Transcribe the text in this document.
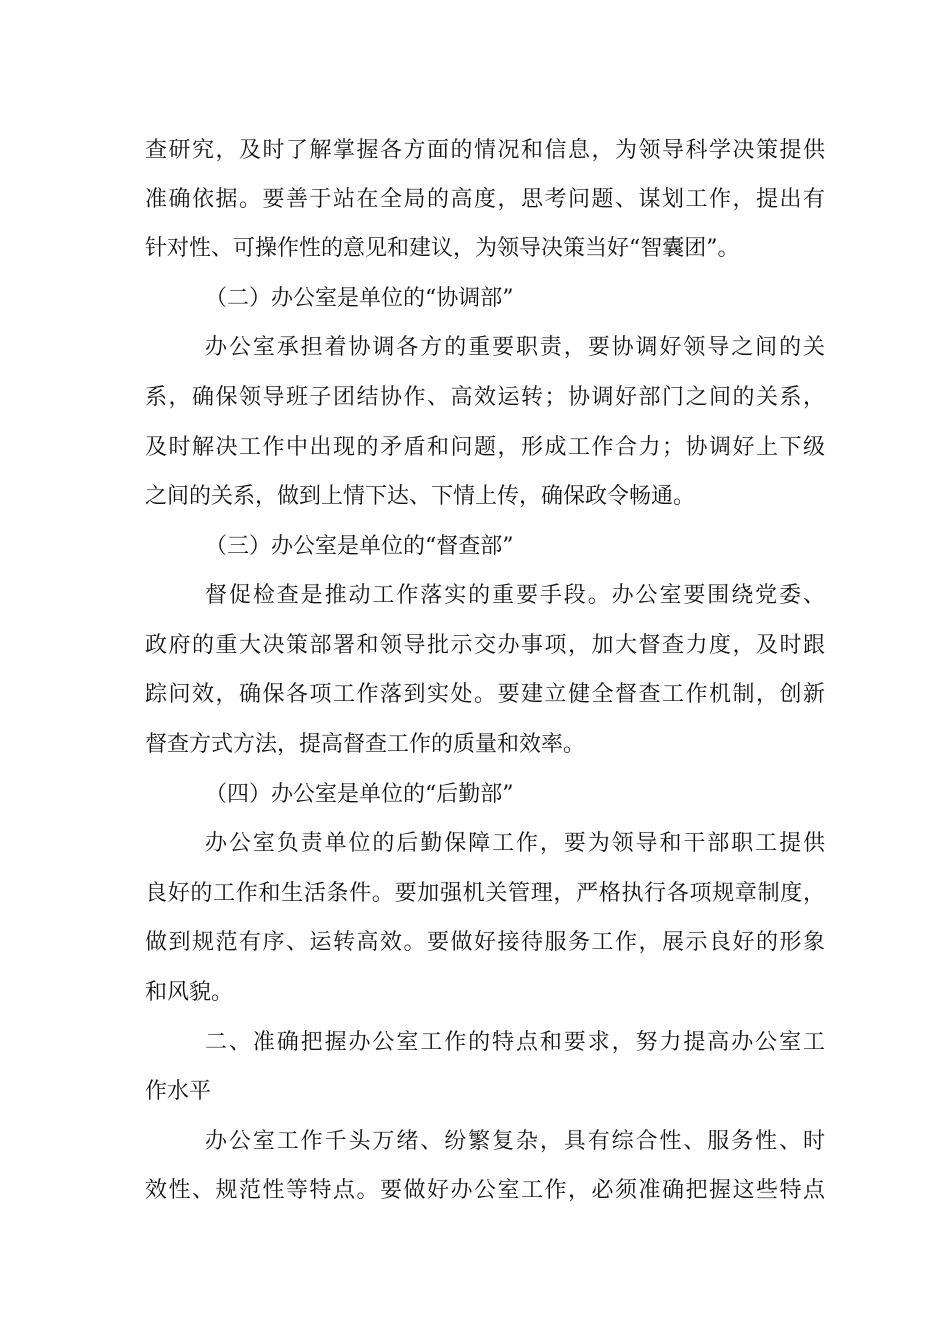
查研究，及时了解掌握各方面的情况和信息，为领导科学决策提供
准确依据。要善于站在全局的高度，思考问题、谋划工作，提出有
针对性、可操作性的意见和建议，为领导决策当好“智囊团”。
（二）办公室是单位的“协调部”
办公室承担着协调各方的重要职责，要协调好领导之间的关
系，确保领导班子团结协作、高效运转；协调好部门之间的关系，
及时解决工作中出现的矛盾和问题，形成工作合力；协调好上下级
之间的关系，做到上情下达、下情上传，确保政令畅通。
（三）办公室是单位的“督查部”
督促检查是推动工作落实的重要手段。办公室要围绕党委、
政府的重大决策部署和领导批示交办事项，加大督查力度，及时跟
踪问效，确保各项工作落到实处。要建立健全督查工作机制，创新
督查方式方法，提高督查工作的质量和效率。
（四）办公室是单位的“后勤部”
办公室负责单位的后勤保障工作，要为领导和干部职工提供
良好的工作和生活条件。要加强机关管理，严格执行各项规章制度，
做到规范有序、运转高效。要做好接待服务工作，展示良好的形象
和风貌。
二、准确把握办公室工作的特点和要求，努力提高办公室工
作水平
办公室工作千头万绪、纷繁复杂，具有综合性、服务性、时
效性、规范性等特点。要做好办公室工作，必须准确把握这些特点
